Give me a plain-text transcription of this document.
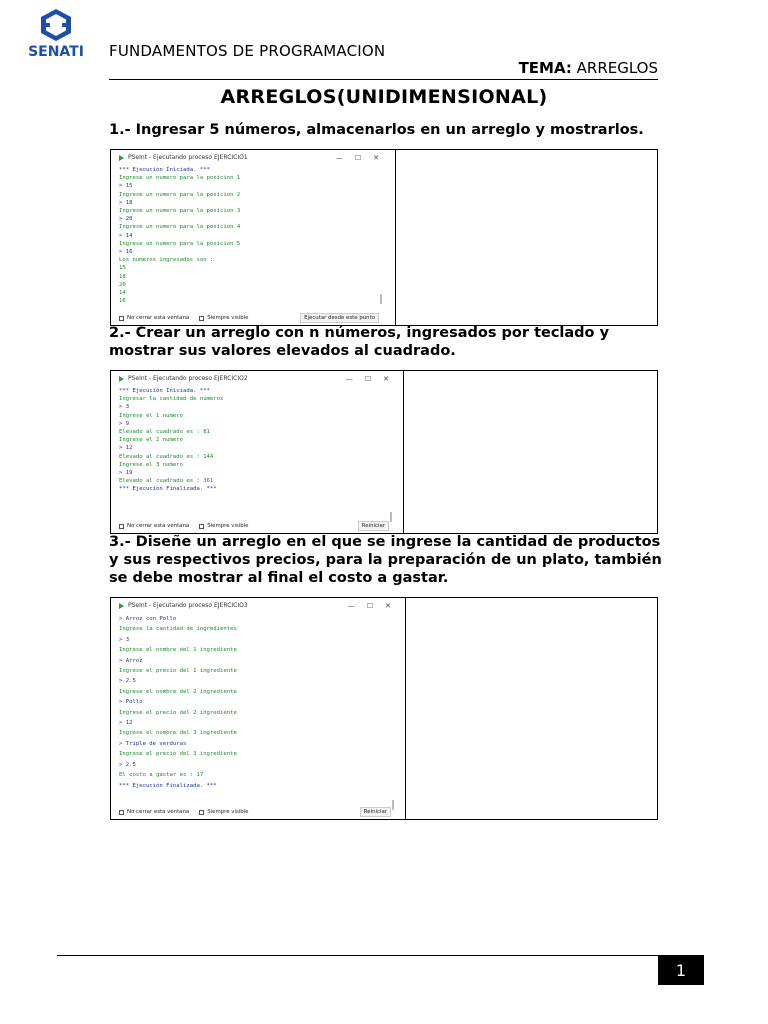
SENATI FUNDAMENTOS DE PROGRAMACION
TEMA: ARREGLOS
ARREGLOS(UNIDIMENSIONAL)
1.- Ingresar 5 números, almacenarlos en un arreglo y mostrarlos.
PSeInt - Ejecutando proceso EJERCICIO1	— ☐ ✕
*** Ejecución Iniciada. ***
Ingrese un numero para la posicion 1
> 15
Ingrese un numero para la posicion 2
> 18
Ingrese un numero para la posicion 3
> 20
Ingrese un numero para la posicion 4
> 14
Ingrese un numero para la posicion 5
> 16
Los numeros ingresados son :
15
18
20
14
16
No cerrar esta ventana	Siempre visible	Ejecutar desde este punto
2.- Crear un arreglo con n números, ingresados por teclado y mostrar sus valores elevados al cuadrado.
PSeInt - Ejecutando proceso EJERCICIO2	— ☐ ✕
*** Ejecución Iniciada. ***
Ingresar la cantidad de números
> 3
Ingrese el 1 numero
> 9
Elevado al cuadrado es : 81
Ingrese el 2 numero
> 12
Elevado al cuadrado es : 144
Ingrese el 3 numero
> 19
Elevado al cuadrado es : 361
*** Ejecución Finalizada. ***
No cerrar esta ventana	Siempre visible	Reiniciar
3.- Diseñe un arreglo en el que se ingrese la cantidad de productos y sus respectivos precios, para la preparación de un plato, también se debe mostrar al final el costo a gastar.
PSeInt - Ejecutando proceso EJERCICIO3	— ☐ ✕
> Arroz con Pollo
Ingrese la cantidad de ingredientes
> 3
Ingrese el nombre del 1 ingrediente
> Arroz
Ingrese el precio del 1 ingrediente
> 2.5
Ingrese el nombre del 2 ingrediente
> Pollo
Ingrese el precio del 2 ingrediente
> 12
Ingrese el nombre del 3 ingrediente
> Triple de verduras
Ingrese el precio del 3 ingrediente
> 2.5
El costo a gastar es : 17
*** Ejecución Finalizada. ***
No cerrar esta ventana	Siempre visible	Reiniciar
1
